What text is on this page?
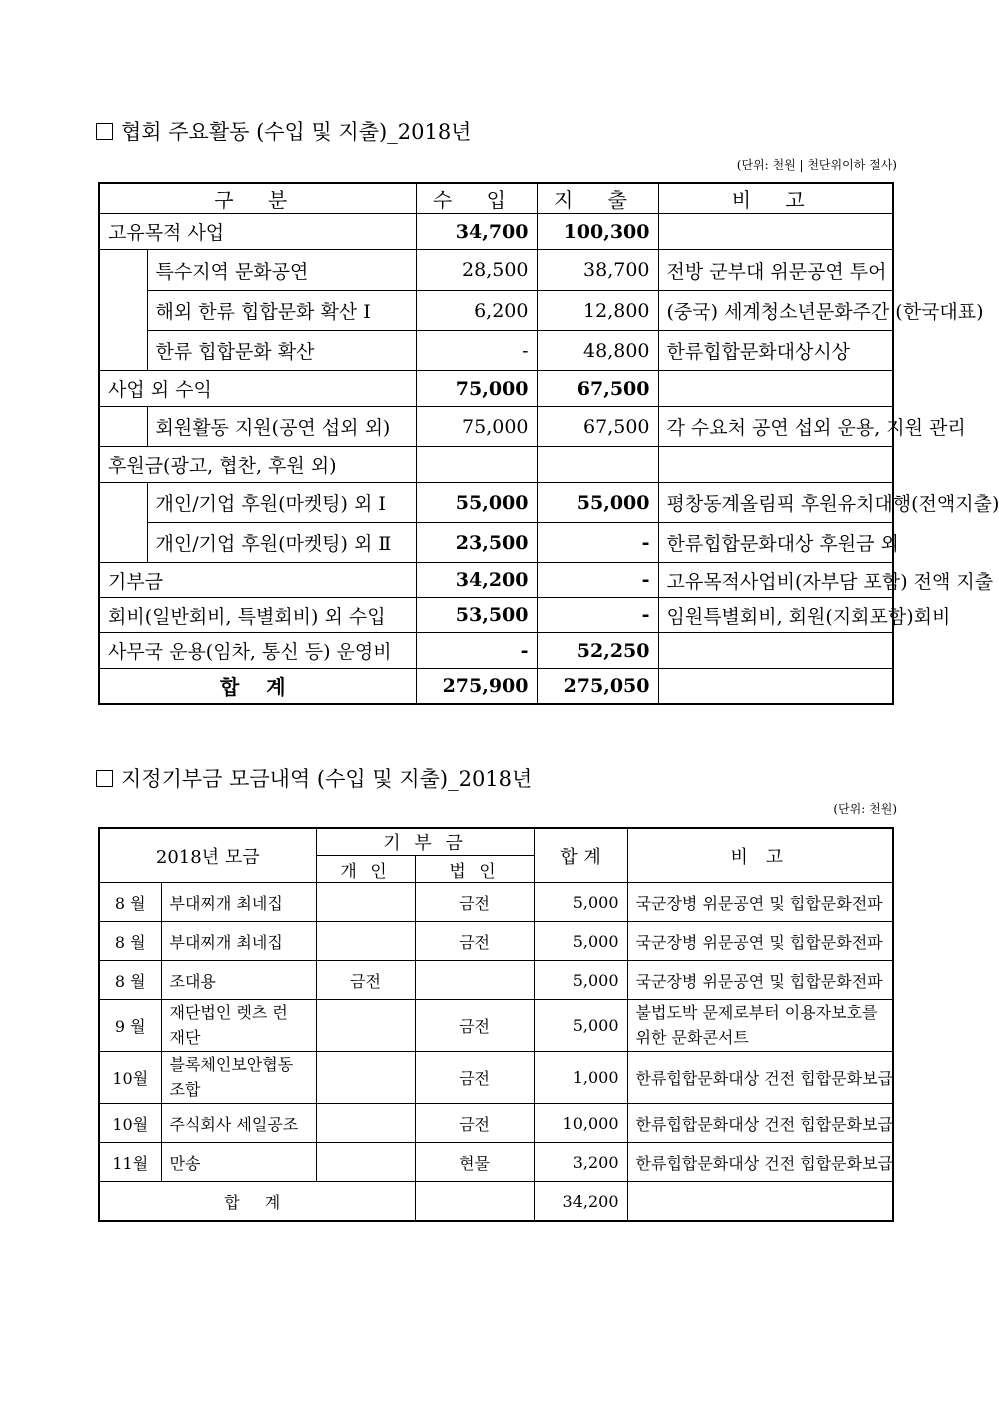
협회 주요활동 (수입 및 지출)_2018년
(단위: 천원 | 천단위이하 절사)
구 분		수 입	지 출	비 고
고유목적 사업		34,700	100,300	
	특수지역 문화공연	28,500	38,700	전방 군부대 위문공연 투어
	해외 한류 힙합문화 확산 Ⅰ	6,200	12,800	(중국) 세계청소년문화주간 (한국대표)
	한류 힙합문화 확산	-	48,800	한류힙합문화대상시상
사업 외 수익		75,000	67,500	
	회원활동 지원(공연 섭외 외)	75,000	67,500	각 수요처 공연 섭외 운용, 지원 관리
후원금(광고, 협찬, 후원 외)				
	개인/기업 후원(마켓팅) 외 Ⅰ	55,000	55,000	평창동계올림픽 후원유치대행(전액지출)
	개인/기업 후원(마켓팅) 외 Ⅱ	23,500	-	한류힙합문화대상 후원금 외
기부금		34,200	-	고유목적사업비(자부담 포함) 전액 지출
회비(일반회비, 특별회비) 외 수입		53,500	-	임원특별회비, 회원(지회포함)회비
사무국 운용(임차, 통신 등) 운영비		-	52,250	
합 계		275,900	275,050	
지정기부금 모금내역 (수입 및 지출)_2018년
(단위: 천원)
2018년 모금		기 부 금		합 계	비 고
		개 인	법 인		
8 월	부대찌개 최네집		금전	5,000	국군장병 위문공연 및 힙합문화전파
8 월	부대찌개 최네집		금전	5,000	국군장병 위문공연 및 힙합문화전파
8 월	조대용	금전		5,000	국군장병 위문공연 및 힙합문화전파
9 월	재단법인 렛츠 런 재단		금전	5,000	불법도박 문제로부터 이용자보호를 위한 문화콘서트
10월	블록체인보안협동조합		금전	1,000	한류힙합문화대상 건전 힙합문화보급
10월	주식회사 세일공조		금전	10,000	한류힙합문화대상 건전 힙합문화보급
11월	만송		현물	3,200	한류힙합문화대상 건전 힙합문화보급
합 계				34,200	
